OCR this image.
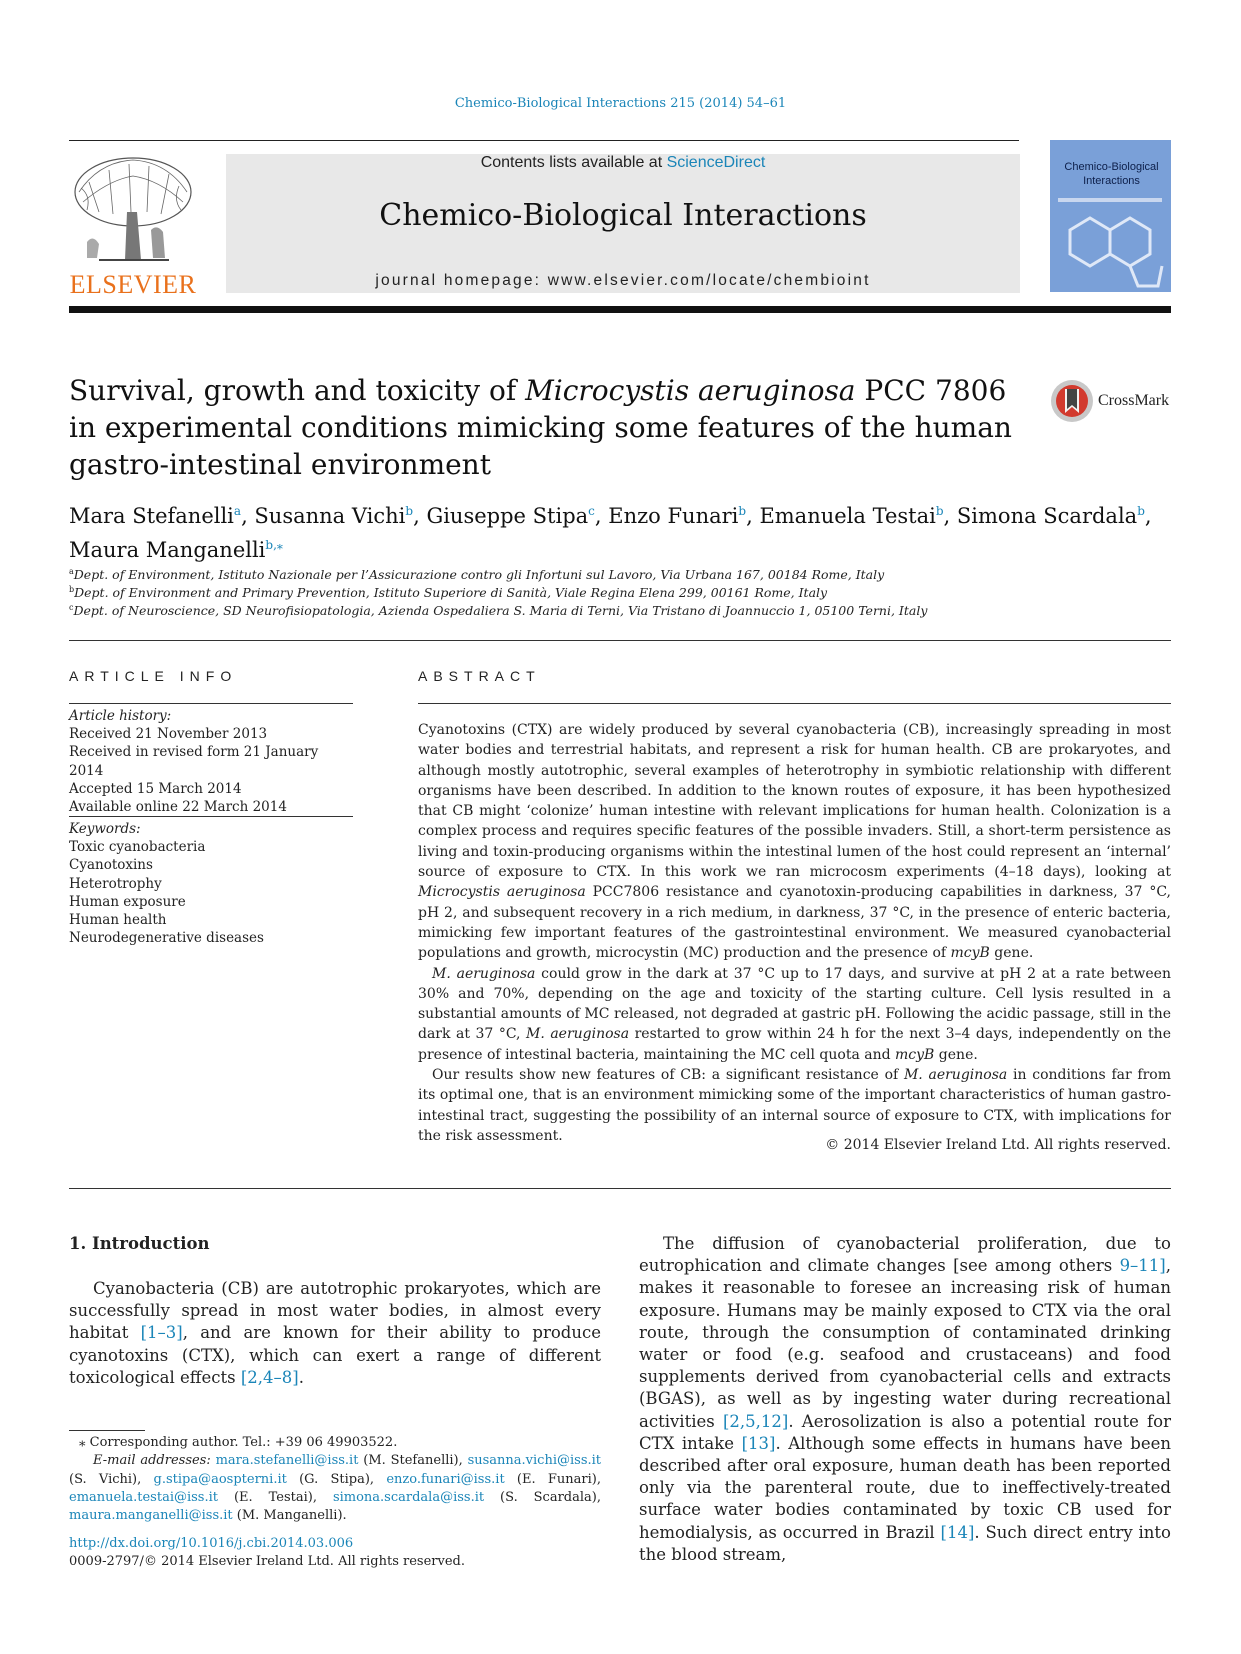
Chemico-Biological Interactions 215 (2014) 54–61
ELSEVIER
Contents lists available at ScienceDirect
Chemico-Biological Interactions
journal homepage: www.elsevier.com/locate/chembioint
Chemico-Biological
Interactions
Survival, growth and toxicity of Microcystis aeruginosa PCC 7806
in experimental conditions mimicking some features of the human
gastro-intestinal environment
CrossMark
Mara Stefanelli$^a$, Susanna Vichi$^b$, Giuseppe Stipa$^c$, Enzo Funari$^b$, Emanuela Testai$^b$, Simona Scardala$^b$,
Maura Manganelli$^{b,⁎}$
$^a$Dept. of Environment, Istituto Nazionale per l’Assicurazione contro gli Infortuni sul Lavoro, Via Urbana 167, 00184 Rome, Italy
$^b$Dept. of Environment and Primary Prevention, Istituto Superiore di Sanità, Viale Regina Elena 299, 00161 Rome, Italy
$^c$Dept. of Neuroscience, SD Neurofisiopatologia, Azienda Ospedaliera S. Maria di Terni, Via Tristano di Joannuccio 1, 05100 Terni, Italy
ARTICLE INFO
Article history:
Received 21 November 2013
Received in revised form 21 January 2014
Accepted 15 March 2014
Available online 22 March 2014
Keywords:
Toxic cyanobacteria
Cyanotoxins
Heterotrophy
Human exposure
Human health
Neurodegenerative diseases
ABSTRACT

Cyanotoxins (CTX) are widely produced by several cyanobacteria (CB), increasingly spreading in most water bodies and terrestrial habitats, and represent a risk for human health. CB are prokaryotes, and although mostly autotrophic, several examples of heterotrophy in symbiotic relationship with different organisms have been described. In addition to the known routes of exposure, it has been hypothesized that CB might ‘colonize’ human intestine with relevant implications for human health. Colonization is a complex process and requires specific features of the possible invaders. Still, a short-term persistence as living and toxin-producing organisms within the intestinal lumen of the host could represent an ‘internal’ source of exposure to CTX. In this work we ran microcosm experiments (4–18 days), looking at Microcystis aeruginosa PCC7806 resistance and cyanotoxin-producing capabilities in darkness, 37 °C, pH 2, and subsequent recovery in a rich medium, in darkness, 37 °C, in the presence of enteric bacteria, mimicking few important features of the gastrointestinal environment. We measured cyanobacterial populations and growth, microcystin (MC) production and the presence of mcyB gene.

M. aeruginosa could grow in the dark at 37 °C up to 17 days, and survive at pH 2 at a rate between 30% and 70%, depending on the age and toxicity of the starting culture. Cell lysis resulted in a substantial amounts of MC released, not degraded at gastric pH. Following the acidic passage, still in the dark at 37 °C, M. aeruginosa restarted to grow within 24 h for the next 3–4 days, independently on the presence of intestinal bacteria, maintaining the MC cell quota and mcyB gene.

Our results show new features of CB: a significant resistance of M. aeruginosa in conditions far from its optimal one, that is an environment mimicking some of the important characteristics of human gastro-intestinal tract, suggesting the possibility of an internal source of exposure to CTX, with implications for the risk assessment.

© 2014 Elsevier Ireland Ltd. All rights reserved.
1. Introduction

Cyanobacteria (CB) are autotrophic prokaryotes, which are successfully spread in most water bodies, in almost every habitat [1–3], and are known for their ability to produce cyanotoxins (CTX), which can exert a range of different toxicological effects [2,4–8].

⁎ Corresponding author. Tel.: +39 06 49903522.
E-mail addresses: mara.stefanelli@iss.it (M. Stefanelli), susanna.vichi@iss.it (S. Vichi), g.stipa@aospterni.it (G. Stipa), enzo.funari@iss.it (E. Funari), emanuela.testai@iss.it (E. Testai), simona.scardala@iss.it (S. Scardala), maura.manganelli@iss.it (M. Manganelli).
http://dx.doi.org/10.1016/j.cbi.2014.03.006
0009-2797/© 2014 Elsevier Ireland Ltd. All rights reserved.

The diffusion of cyanobacterial proliferation, due to eutrophication and climate changes [see among others 9–11], makes it reasonable to foresee an increasing risk of human exposure. Humans may be mainly exposed to CTX via the oral route, through the consumption of contaminated drinking water or food (e.g. seafood and crustaceans) and food supplements derived from cyanobacterial cells and extracts (BGAS), as well as by ingesting water during recreational activities [2,5,12]. Aerosolization is also a potential route for CTX intake [13]. Although some effects in humans have been described after oral exposure, human death has been reported only via the parenteral route, due to ineffectively-treated surface water bodies contaminated by toxic CB used for hemodialysis, as occurred in Brazil [14]. Such direct entry into the blood stream,
